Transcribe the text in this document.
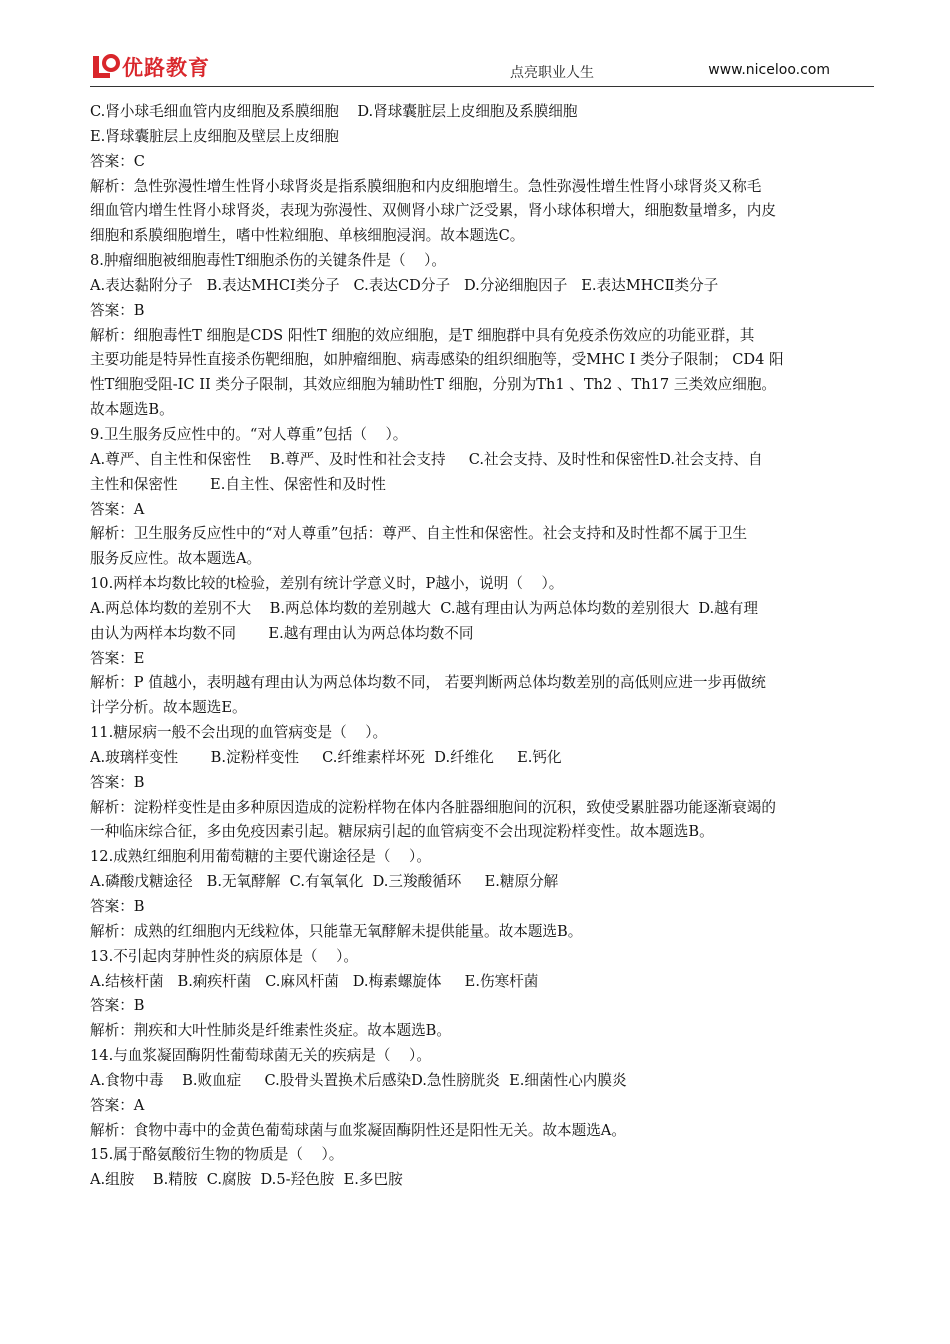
优路教育	点亮职业人生	www.niceloo.com
C.肾小球毛细血管内皮细胞及系膜细胞    D.肾球囊脏层上皮细胞及系膜细胞
E.肾球囊脏层上皮细胞及壁层上皮细胞
答案：C
解析：急性弥漫性增生性肾小球肾炎是指系膜细胞和内皮细胞增生。急性弥漫性增生性肾小球肾炎又称毛
细血管内增生性肾小球肾炎，表现为弥漫性、双侧肾小球广泛受累，肾小球体积增大，细胞数量增多，内皮
细胞和系膜细胞增生，嗜中性粒细胞、单核细胞浸润。故本题选C。
8.肿瘤细胞被细胞毒性T细胞杀伤的关键条件是（    ）。
A.表达黏附分子   B.表达MHCⅠ类分子   C.表达CD分子   D.分泌细胞因子   E.表达MHCⅡ类分子
答案：B
解析：细胞毒性T 细胞是CDS 阳性T 细胞的效应细胞，是T 细胞群中具有免疫杀伤效应的功能亚群，其
主要功能是特异性直接杀伤靶细胞，如肿瘤细胞、病毒感染的组织细胞等，受MHC I 类分子限制； CD4 阳
性T细胞受阻-IC II 类分子限制，其效应细胞为辅助性T 细胞，分别为Th1 、Th2 、Th17 三类效应细胞。
故本题选B。
9.卫生服务反应性中的。“对人尊重”包括（    ）。
A.尊严、自主性和保密性    B.尊严、及时性和社会支持     C.社会支持、及时性和保密性D.社会支持、自
主性和保密性       E.自主性、保密性和及时性
答案：A
解析：卫生服务反应性中的“对人尊重”包括：尊严、自主性和保密性。社会支持和及时性都不属于卫生
服务反应性。故本题选A。
10.两样本均数比较的t检验，差别有统计学意义时，P越小，说明（    ）。
A.两总体均数的差别不大    B.两总体均数的差别越大  C.越有理由认为两总体均数的差别很大  D.越有理
由认为两样本均数不同       E.越有理由认为两总体均数不同
答案：E
解析：P 值越小，表明越有理由认为两总体均数不同， 若要判断两总体均数差别的高低则应进一步再做统
计学分析。故本题选E。
11.糖尿病一般不会出现的血管病变是（    ）。
A.玻璃样变性       B.淀粉样变性     C.纤维素样坏死  D.纤维化     E.钙化
答案：B
解析：淀粉样变性是由多种原因造成的淀粉样物在体内各脏器细胞间的沉积，致使受累脏器功能逐渐衰竭的
一种临床综合征，多由免疫因素引起。糖尿病引起的血管病变不会出现淀粉样变性。故本题选B。
12.成熟红细胞利用葡萄糖的主要代谢途径是（    ）。
A.磷酸戊糖途径   B.无氧酵解  C.有氧氧化  D.三羧酸循环     E.糖原分解
答案：B
解析：成熟的红细胞内无线粒体，只能靠无氧酵解未提供能量。故本题选B。
13.不引起肉芽肿性炎的病原体是（    ）。
A.结核杆菌   B.痢疾杆菌   C.麻风杆菌   D.梅素螺旋体     E.伤寒杆菌
答案：B
解析：荆疾和大叶性肺炎是纤维素性炎症。故本题选B。
14.与血浆凝固酶阴性葡萄球菌无关的疾病是（    ）。
A.食物中毒    B.败血症     C.股骨头置换术后感染D.急性膀胱炎  E.细菌性心内膜炎
答案：A
解析：食物中毒中的金黄色葡萄球菌与血浆凝固酶阴性还是阳性无关。故本题选A。
15.属于酪氨酸衍生物的物质是（    ）。
A.组胺    B.精胺  C.腐胺  D.5-羟色胺  E.多巴胺
